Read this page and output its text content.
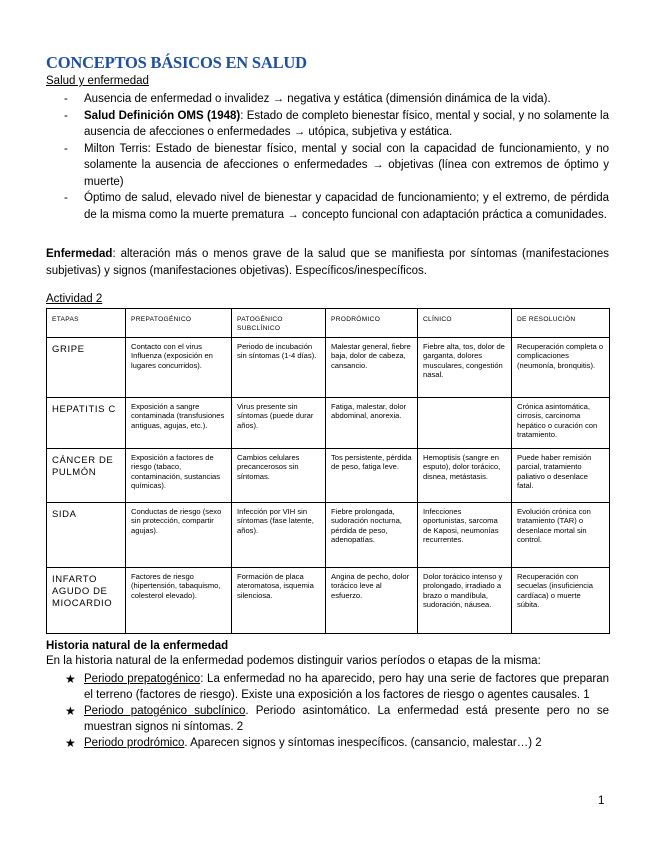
CONCEPTOS BÁSICOS EN SALUD
Salud y enfermedad
- Ausencia de enfermedad o invalidez → negativa y estática (dimensión dinámica de la vida).
- Salud Definición OMS (1948): Estado de completo bienestar físico, mental y social, y no solamente la ausencia de afecciones o enfermedades → utópica, subjetiva y estática.
- Milton Terris: Estado de bienestar físico, mental y social con la capacidad de funcionamiento, y no solamente la ausencia de afecciones o enfermedades → objetivas (línea con extremos de óptimo y muerte)
- Óptimo de salud, elevado nivel de bienestar y capacidad de funcionamiento; y el extremo, de pérdida de la misma como la muerte prematura → concepto funcional con adaptación práctica a comunidades.

Enfermedad: alteración más o menos grave de la salud que se manifiesta por síntomas (manifestaciones subjetivas) y signos (manifestaciones objetivas). Específicos/inespecíficos.

Actividad 2
ETAPAS	PREPATOGÉNICO	PATOGÉNICO SUBCLÍNICO	PRODRÓMICO	CLÍNICO	DE RESOLUCIÓN
GRIPE	Contacto con el virus Influenza (exposición en lugares concurridos).	Periodo de incubación sin síntomas (1-4 días).	Malestar general, fiebre baja, dolor de cabeza, cansancio.	Fiebre alta, tos, dolor de garganta, dolores musculares, congestión nasal.	Recuperación completa o complicaciones (neumonía, bronquitis).
HEPATITIS C	Exposición a sangre contaminada (transfusiones antiguas, agujas, etc.).	Virus presente sin síntomas (puede durar años).	Fatiga, malestar, dolor abdominal, anorexia.		Crónica asintomática, cirrosis, carcinoma hepático o curación con tratamiento.
CÁNCER DE PULMÓN	Exposición a factores de riesgo (tabaco, contaminación, sustancias químicas).	Cambios celulares precancerosos sin síntomas.	Tos persistente, pérdida de peso, fatiga leve.	Hemoptisis (sangre en esputo), dolor torácico, disnea, metástasis.	Puede haber remisión parcial, tratamiento paliativo o desenlace fatal.
SIDA	Conductas de riesgo (sexo sin protección, compartir agujas).	Infección por VIH sin síntomas (fase latente, años).	Fiebre prolongada, sudoración nocturna, pérdida de peso, adenopatías.	Infecciones oportunistas, sarcoma de Kaposi, neumonías recurrentes.	Evolución crónica con tratamiento (TAR) o desenlace mortal sin control.
INFARTO AGUDO DE MIOCARDIO	Factores de riesgo (hipertensión, tabaquismo, colesterol elevado).	Formación de placa ateromatosa, isquemia silenciosa.	Angina de pecho, dolor torácico leve al esfuerzo.	Dolor torácico intenso y prolongado, irradiado a brazo o mandíbula, sudoración, náusea.	Recuperación con secuelas (insuficiencia cardíaca) o muerte súbita.
Historia natural de la enfermedad

En la historia natural de la enfermedad podemos distinguir varios períodos o etapas de la misma:

★ Periodo prepatogénico: La enfermedad no ha aparecido, pero hay una serie de factores que preparan el terreno (factores de riesgo). Existe una exposición a los factores de riesgo o agentes causales. 1
★ Periodo patogénico subclínico. Periodo asintomático. La enfermedad está presente pero no se muestran signos ni síntomas. 2
★ Periodo prodrómico. Aparecen signos y síntomas inespecíficos. (cansancio, malestar…) 2
1
